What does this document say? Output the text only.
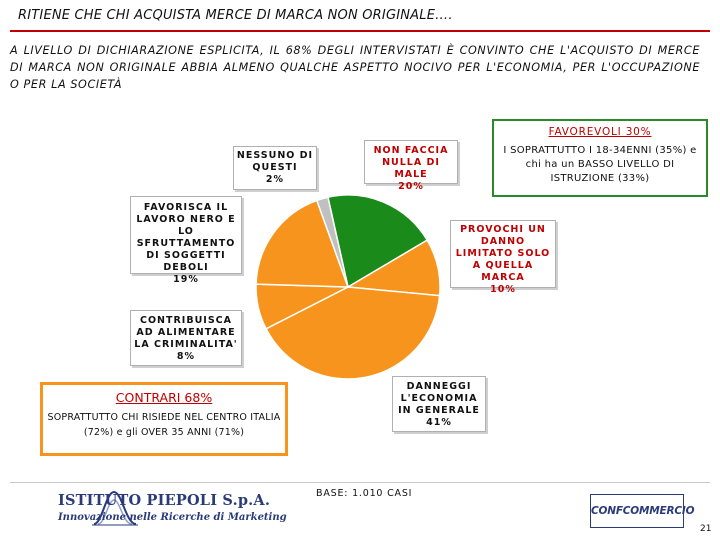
RITIENE CHE CHI ACQUISTA MERCE DI MARCA NON ORIGINALE….
A LIVELLO DI DICHIARAZIONE ESPLICITA, IL 68% DEGLI INTERVISTATI È CONVINTO CHE L'ACQUISTO DI MERCE DI MARCA NON ORIGINALE ABBIA ALMENO QUALCHE ASPETTO NOCIVO PER L'ECONOMIA, PER L'OCCUPAZIONE O PER LA SOCIETÀ
NESSUNO DI QUESTI
2%
NON FACCIA NULLA DI MALE
20%
FAVORISCA IL LAVORO NERO E LO SFRUTTAMENTO DI SOGGETTI DEBOLI
19%
PROVOCHI UN DANNO LIMITATO SOLO A QUELLA MARCA
10%
CONTRIBUISCA AD ALIMENTARE LA CRIMINALITA'
8%
DANNEGGI L'ECONOMIA IN GENERALE
41%
FAVOREVOLI 30%
I SOPRATTUTTO I 18-34ENNI (35%) e chi ha un BASSO LIVELLO DI ISTRUZIONE (33%)
CONTRARI 68%
SOPRATTUTTO CHI RISIEDE NEL CENTRO ITALIA (72%) e gli OVER 35 ANNI (71%)
BASE: 1.010 CASI
ISTITUTO PIEPOLI S.p.A.
Innovazione nelle Ricerche di Marketing
CONFCOMMERCIO
21
